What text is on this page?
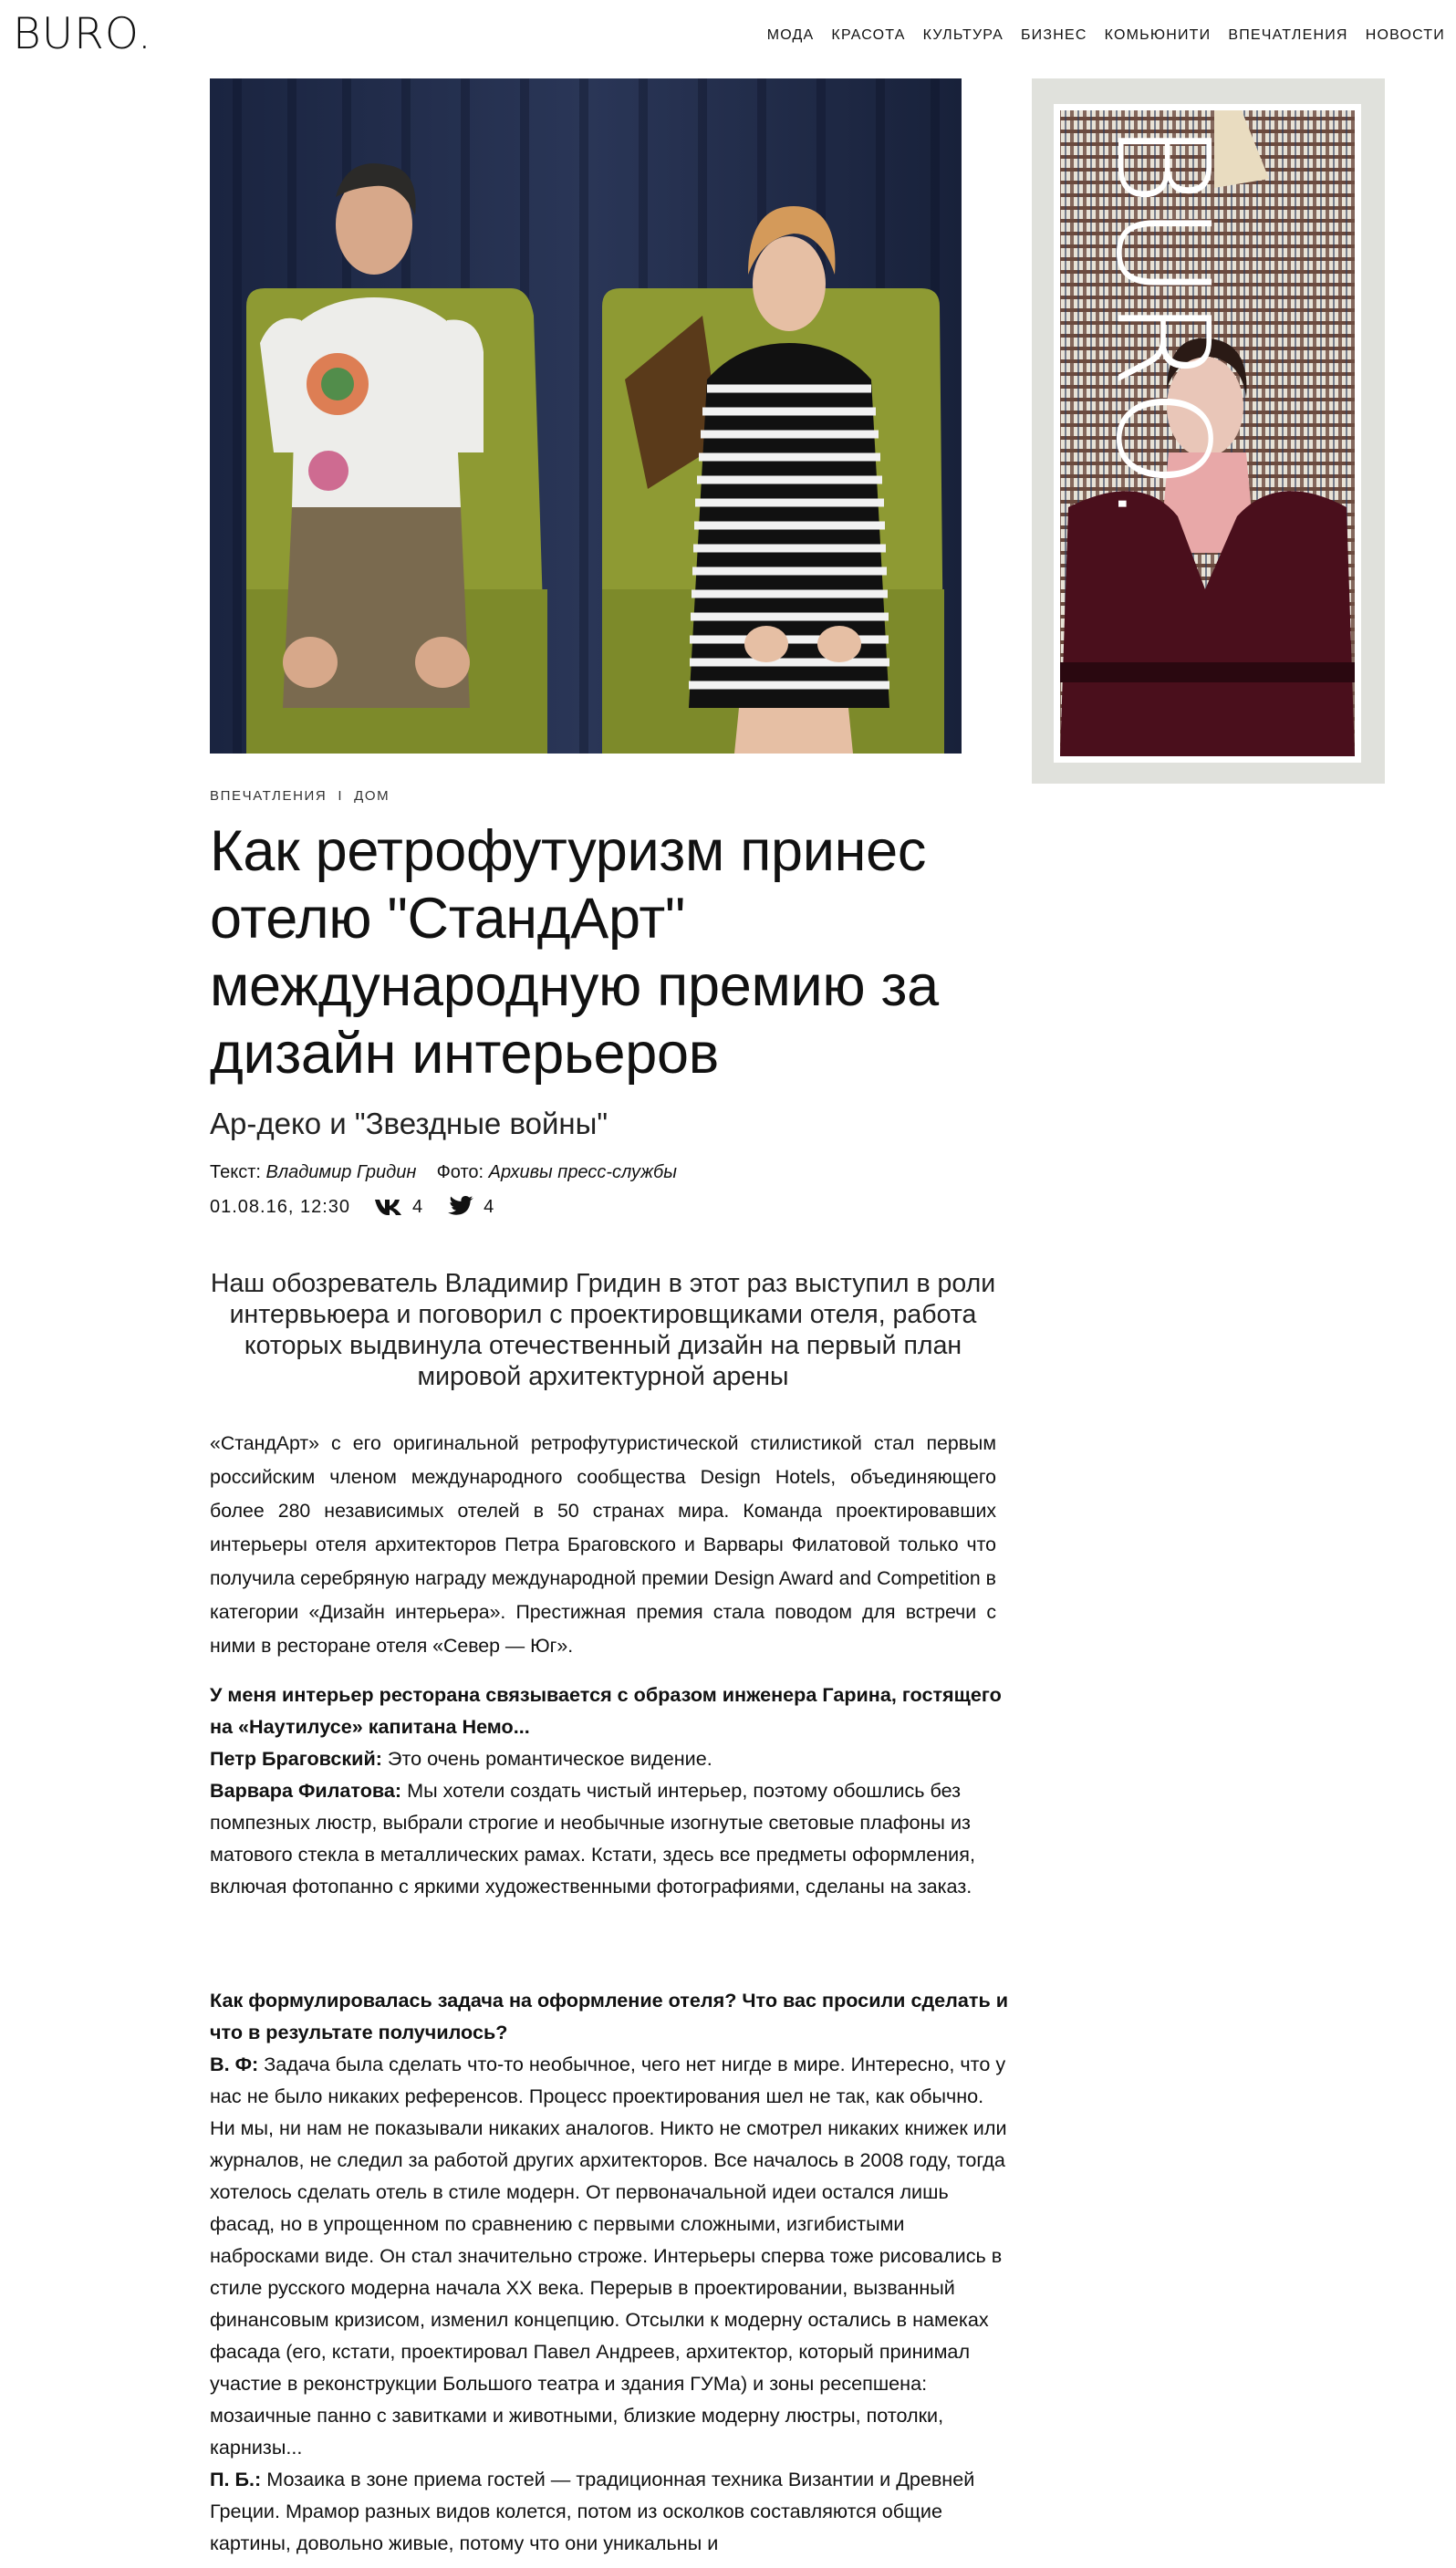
BURO.	МОДА КРАСОТА КУЛЬТУРА БИЗНЕС КОМЬЮНИТИ ВПЕЧАТЛЕНИЯ НОВОСТИ
BURO.
ВПЕЧАТЛЕНИЯ I ДОМ
Как ретрофутуризм принес отелю "СтандАрт" международную премию за дизайн интерьеров
Ар-деко и "Звездные войны"
Текст: Владимир Гридин Фото: Архивы пресс-службы
01.08.16, 12:30	4	4

Наш обозреватель Владимир Гридин в этот раз выступил в роли интервьюера и поговорил с проектировщиками отеля, работа которых выдвинула отечественный дизайн на первый план мировой архитектурной арены

«СтандАрт» с его оригинальной ретрофутуристической стилистикой стал первым российским членом международного сообщества Design Hotels, объединяющего более 280 независимых отелей в 50 странах мира. Команда проектировавших интерьеры отеля архитекторов Петра Браговского и Варвары Филатовой только что получила серебряную награду международной премии Design Award and Competition в категории «Дизайн интерьера». Престижная премия стала поводом для встречи с ними в ресторане отеля «Север — Юг».

У меня интерьер ресторана связывается с образом инженера Гарина, гостящего на «Наутилусе» капитана Немо...
Петр Браговский: Это очень романтическое видение.
Варвара Филатова: Мы хотели создать чистый интерьер, поэтому обошлись без помпезных люстр, выбрали строгие и необычные изогнутые световые плафоны из матового стекла в металлических рамах. Кстати, здесь все предметы оформления, включая фотопанно с яркими художественными фотографиями, сделаны на заказ.

Как формулировалась задача на оформление отеля? Что вас просили сделать и что в результате получилось?
В. Ф: Задача была сделать что-то необычное, чего нет нигде в мире. Интересно, что у нас не было никаких референсов. Процесс проектирования шел не так, как обычно. Ни мы, ни нам не показывали никаких аналогов. Никто не смотрел никаких книжек или журналов, не следил за работой других архитекторов. Все началось в 2008 году, тогда хотелось сделать отель в стиле модерн. От первоначальной идеи остался лишь фасад, но в упрощенном по сравнению с первыми сложными, изгибистыми набросками виде. Он стал значительно строже. Интерьеры сперва тоже рисовались в стиле русского модерна начала XX века. Перерыв в проектировании, вызванный финансовым кризисом, изменил концепцию. Отсылки к модерну остались в намеках фасада (его, кстати, проектировал Павел Андреев, архитектор, который принимал участие в реконструкции Большого театра и здания ГУМа) и зоны ресепшена: мозаичные панно с завитками и животными, близкие модерну люстры, потолки, карнизы...
П. Б.: Мозаика в зоне приема гостей — традиционная техника Византии и Древней Греции. Мрамор разных видов колется, потом из осколков составляются общие картины, довольно живые, потому что они уникальны и
